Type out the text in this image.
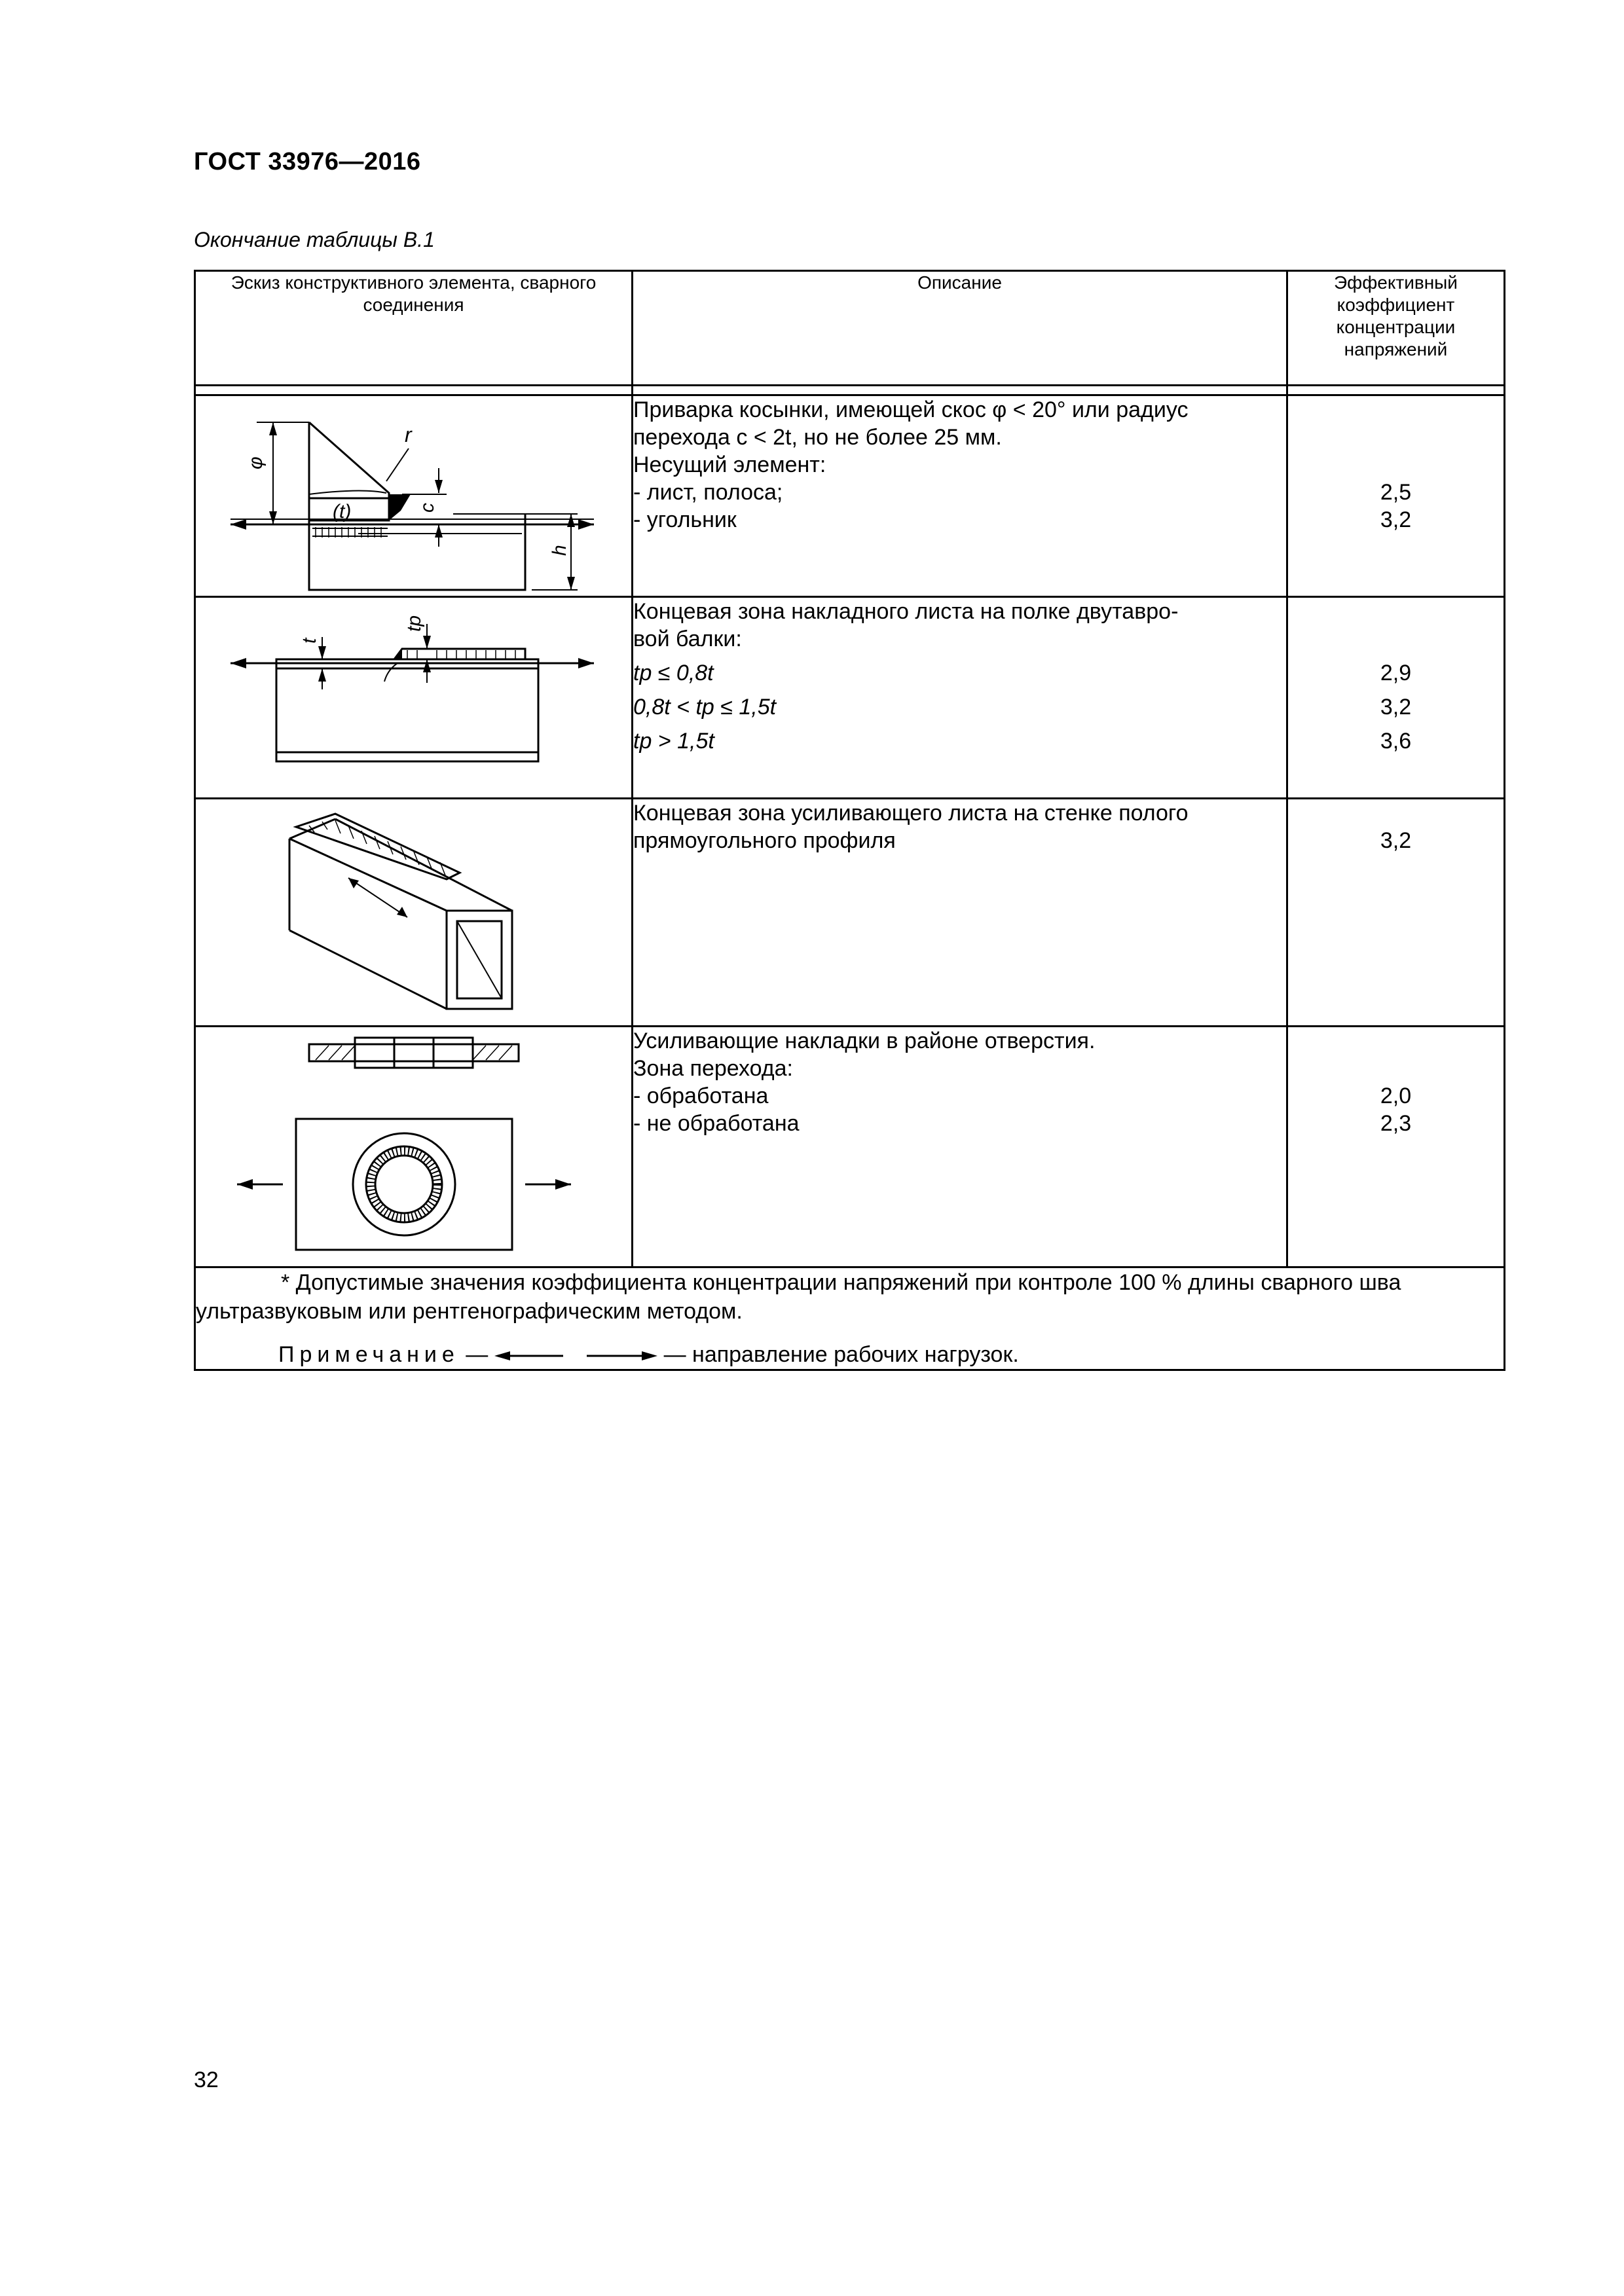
ГОСТ 33976—2016
Окончание таблицы В.1
Эскиз конструктивного элемента, сварного соединения	Описание	Эффективный коэффициент концентрации напряжений

φ
r
(t) c
h	Приварка косынки, имеющей скос φ < 20° или радиус
перехода c < 2t, но не более 25 мм.
Несущий элемент:
- лист, полоса;
- угольник	2,5
3,2

t
tp	Концевая зона накладного листа на полке двутавро-
вой балки:
tp ≤ 0,8t
0,8t < tp ≤ 1,5t
tp > 1,5t	2,9
3,2
3,6

Концевая зона усиливающего листа на стенке полого
прямоугольного профиля	3,2

Усиливающие накладки в районе отверстия.
Зона перехода:
- обработана
- не обработана	2,0
2,3

* Допустимые значения коэффициента концентрации напряжений при контроле 100 % длины сварного шва ультразвуковым или рентгенографическим методом.
Примечание — — направление рабочих нагрузок.		
32
